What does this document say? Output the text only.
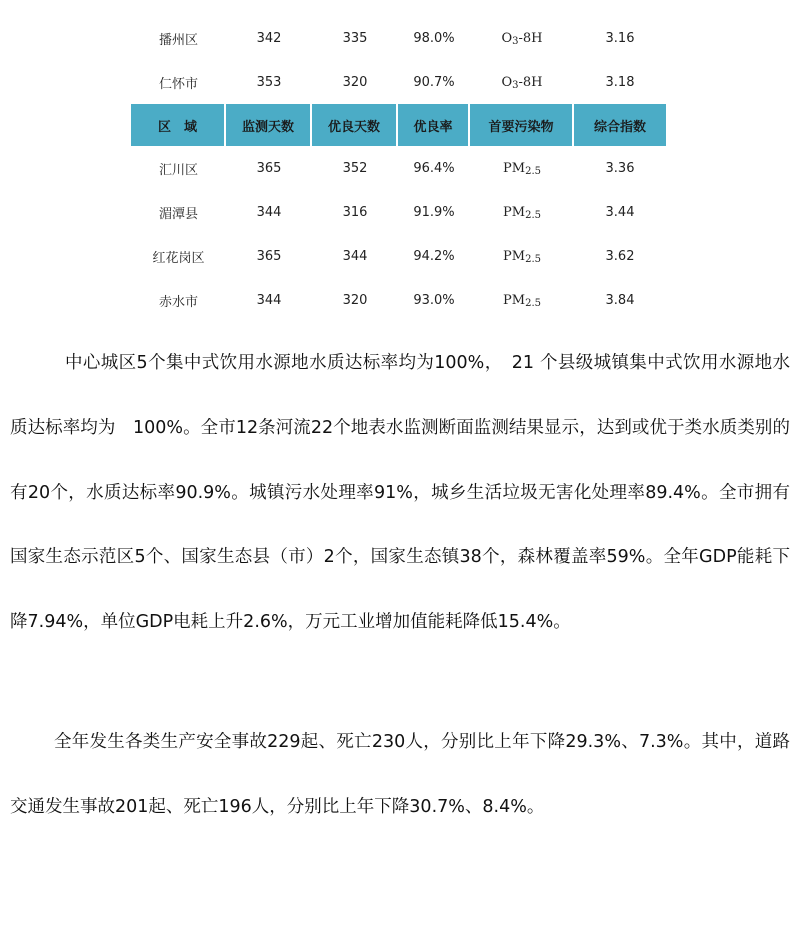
播州区	342	335	98.0%	$O_3-8H$	3.16
仁怀市	353	320	90.7%	$O_3-8H$	3.18
区　域	监测天数	优良天数	优良率	首要污染物	综合指数
汇川区	365	352	96.4%	$PM_{2.5}$	3.36
湄潭县	344	316	91.9%	$PM_{2.5}$	3.44
红花岗区	365	344	94.2%	$PM_{2.5}$	3.62
赤水市	344	320	93.0%	$PM_{2.5}$	3.84

中心城区5个集中式饮用水源地水质达标率均为100%，　21 个县级城镇集中式饮用水源地水质达标率均为　100%。全市12条河流22个地表水监测断面监测结果显示，达到或优于类水质类别的有20个，水质达标率90.9%。城镇污水处理率91%，城乡生活垃圾无害化处理率89.4%。全市拥有国家生态示范区5个、国家生态县（市）2个，国家生态镇38个，森林覆盖率59%。全年GDP能耗下降7.94%，单位GDP电耗上升2.6%，万元工业增加值能耗降低15.4%。

全年发生各类生产安全事故229起、死亡230人，分别比上年下降29.3%、7.3%。其中，道路交通发生事故201起、死亡196人，分别比上年下降30.7%、8.4%。
